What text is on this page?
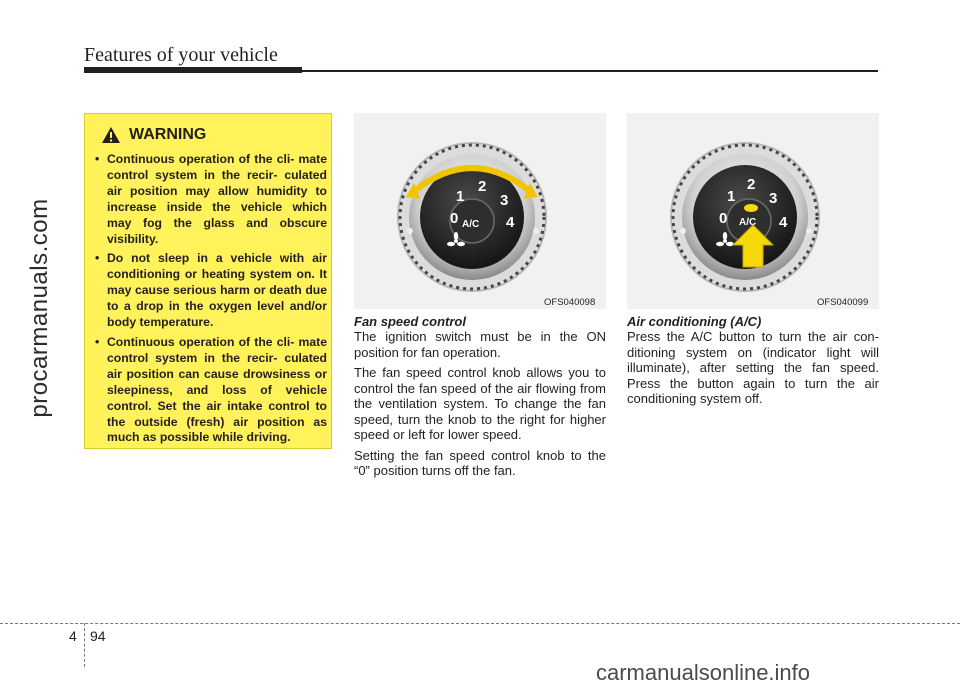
Features of your vehicle
procarmanuals.com
WARNING
• Continuous operation of the cli- mate control system in the recir- culated air position may allow humidity to increase inside the vehicle which may fog the glass and obscure visibility.
• Do not sleep in a vehicle with air conditioning or heating system on. It may cause serious harm or death due to a drop in the oxygen level and/or body temperature.
• Continuous operation of the cli- mate control system in the recir- culated air position can cause drowsiness or sleepiness, and loss of vehicle control. Set the air intake control to the outside (fresh) air position as much as possible while driving.
0
1
2
3
4
A/C
OFS040098
0
1
2
3
4
A/C
OFS040099
Fan speed control

The ignition switch must be in the ON position for fan operation.

The fan speed control knob allows you to control the fan speed of the air flowing from the ventilation system. To change the fan speed, turn the knob to the right for higher speed or left for lower speed.

Setting the fan speed control knob to the “0” position turns off the fan.

Air conditioning (A/C)

Press the A/C button to turn the air con- ditioning system on (indicator light will illuminate), after setting the fan speed. Press the button again to turn the air conditioning system off.

4 94
carmanualsonline.info
